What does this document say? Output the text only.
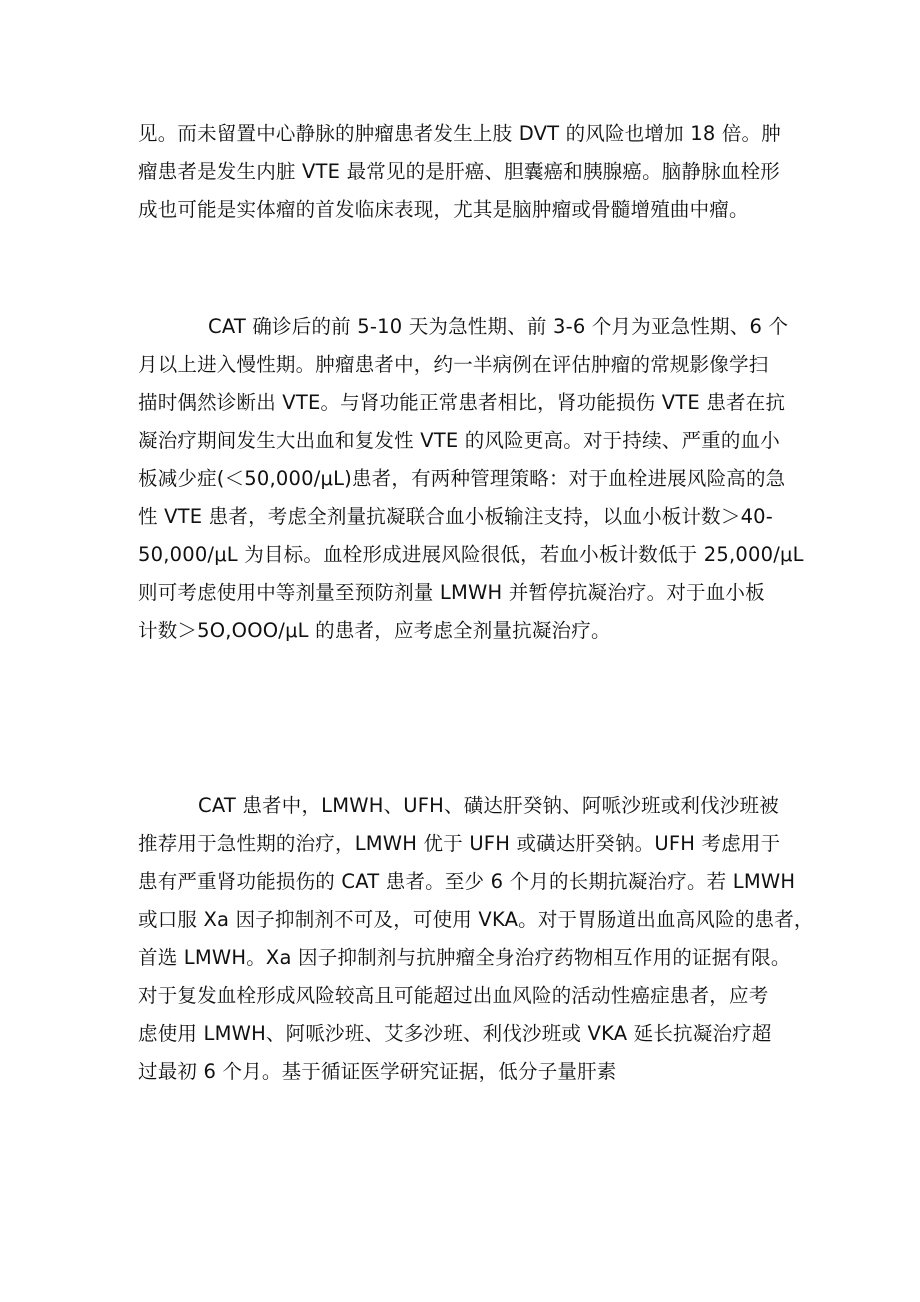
见。而未留置中心静脉的肿瘤患者发生上肢 DVT 的风险也增加 18 倍。肿
瘤患者是发生内脏 VTE 最常见的是肝癌、胆囊癌和胰腺癌。脑静脉血栓形
成也可能是实体瘤的首发临床表现，尤其是脑肿瘤或骨髓增殖曲中瘤。
CAT 确诊后的前 5-10 天为急性期、前 3-6 个月为亚急性期、6 个
月以上进入慢性期。肿瘤患者中，约一半病例在评估肿瘤的常规影像学扫
描时偶然诊断出 VTE。与肾功能正常患者相比，肾功能损伤 VTE 患者在抗
凝治疗期间发生大出血和复发性 VTE 的风险更高。对于持续、严重的血小
板减少症(＜50,000/μL)患者，有两种管理策略：对于血栓进展风险高的急
性 VTE 患者，考虑全剂量抗凝联合血小板输注支持，以血小板计数＞40-
50,000/μL 为目标。血栓形成进展风险很低，若血小板计数低于 25,000/μL
则可考虑使用中等剂量至预防剂量 LMWH 并暂停抗凝治疗。对于血小板
计数＞5O,OOO/μL 的患者，应考虑全剂量抗凝治疗。
CAT 患者中，LMWH、UFH、磺达肝癸钠、阿哌沙班或利伐沙班被
推荐用于急性期的治疗，LMWH 优于 UFH 或磺达肝癸钠。UFH 考虑用于
患有严重肾功能损伤的 CAT 患者。至少 6 个月的长期抗凝治疗。若 LMWH
或口服 Xa 因子抑制剂不可及，可使用 VKA。对于胃肠道出血高风险的患者，
首选 LMWH。Xa 因子抑制剂与抗肿瘤全身治疗药物相互作用的证据有限。
对于复发血栓形成风险较高且可能超过出血风险的活动性癌症患者，应考
虑使用 LMWH、阿哌沙班、艾多沙班、利伐沙班或 VKA 延长抗凝治疗超
过最初 6 个月。基于循证医学研究证据，低分子量肝素
